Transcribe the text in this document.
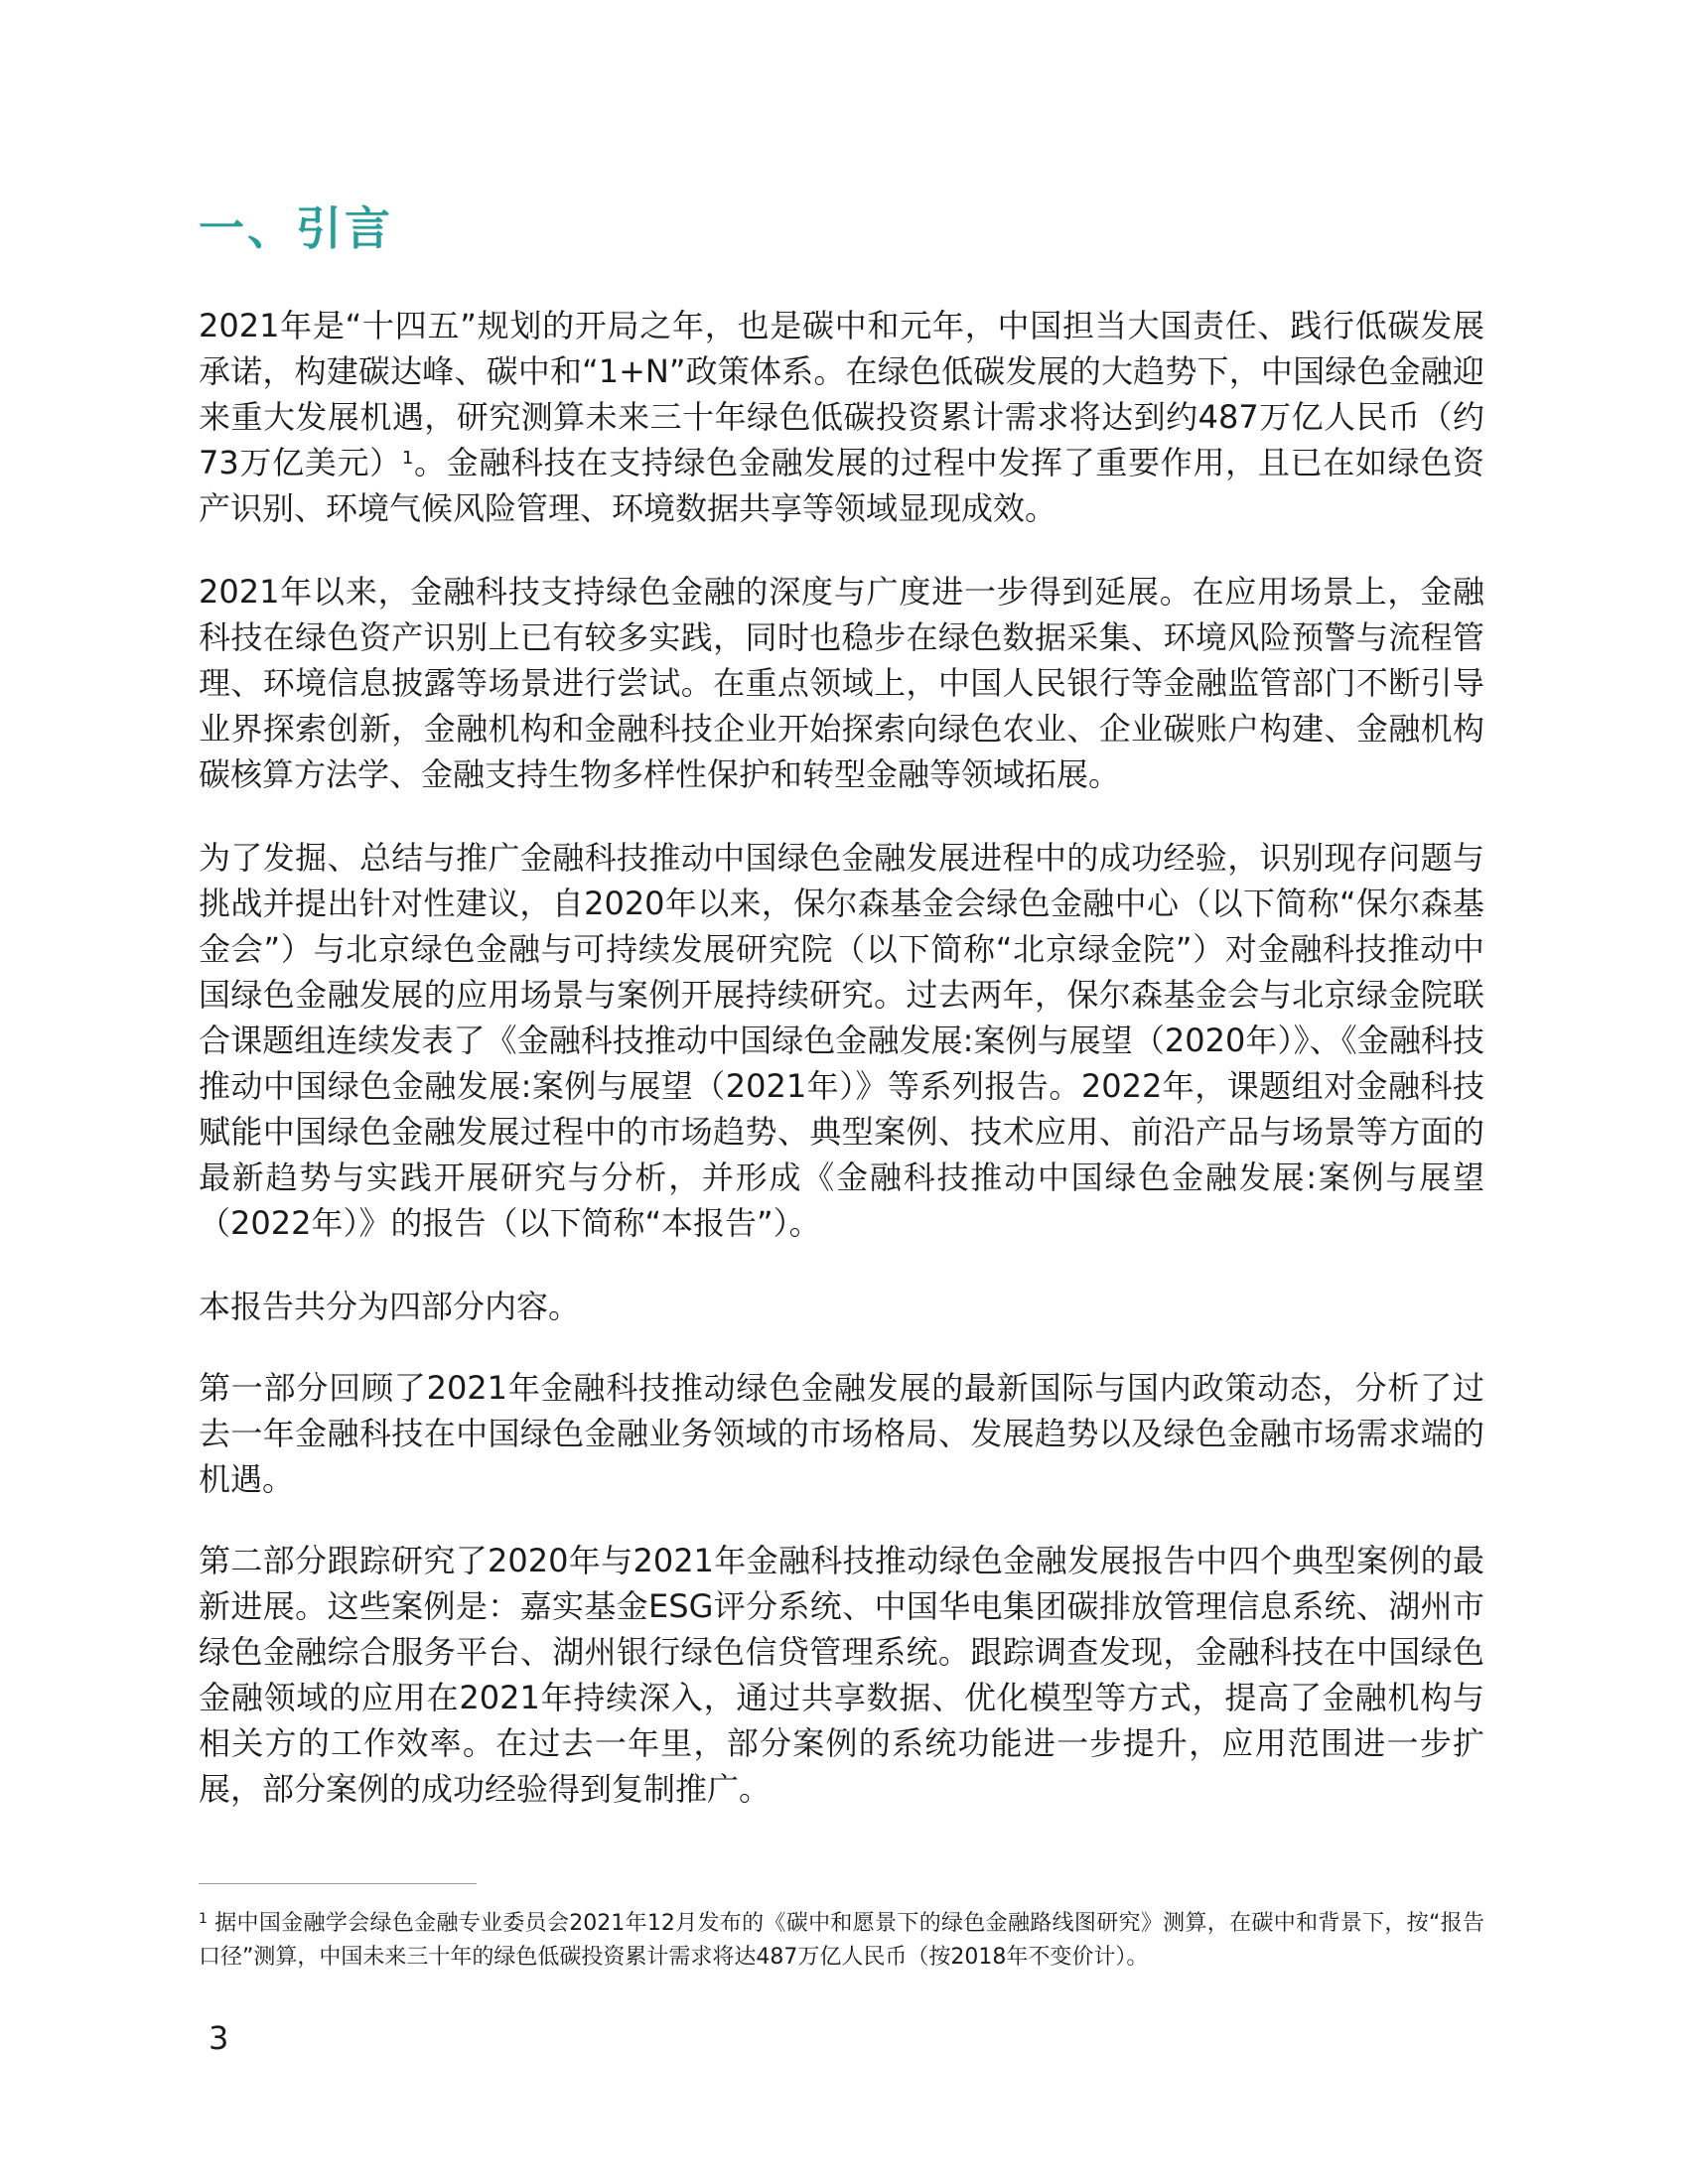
一、引言

2021年是“十四五”规划的开局之年，也是碳中和元年，中国担当大国责任、践行低碳发展承诺，构建碳达峰、碳中和“1+N”政策体系。在绿色低碳发展的大趋势下，中国绿色金融迎来重大发展机遇，研究测算未来三十年绿色低碳投资累计需求将达到约487万亿人民币（约73万亿美元）$^1$。金融科技在支持绿色金融发展的过程中发挥了重要作用，且已在如绿色资产识别、环境气候风险管理、环境数据共享等领域显现成效。

2021年以来，金融科技支持绿色金融的深度与广度进一步得到延展。在应用场景上，金融科技在绿色资产识别上已有较多实践，同时也稳步在绿色数据采集、环境风险预警与流程管理、环境信息披露等场景进行尝试。在重点领域上，中国人民银行等金融监管部门不断引导业界探索创新，金融机构和金融科技企业开始探索向绿色农业、企业碳账户构建、金融机构碳核算方法学、金融支持生物多样性保护和转型金融等领域拓展。

为了发掘、总结与推广金融科技推动中国绿色金融发展进程中的成功经验，识别现存问题与挑战并提出针对性建议，自2020年以来，保尔森基金会绿色金融中心（以下简称“保尔森基金会”）与北京绿色金融与可持续发展研究院（以下简称“北京绿金院”）对金融科技推动中国绿色金融发展的应用场景与案例开展持续研究。过去两年，保尔森基金会与北京绿金院联合课题组连续发表了《金融科技推动中国绿色金融发展:案例与展望（2020年）》、《金融科技推动中国绿色金融发展:案例与展望（2021年）》等系列报告。2022年，课题组对金融科技赋能中国绿色金融发展过程中的市场趋势、典型案例、技术应用、前沿产品与场景等方面的最新趋势与实践开展研究与分析，并形成《金融科技推动中国绿色金融发展:案例与展望（2022年）》的报告（以下简称“本报告”）。

本报告共分为四部分内容。

第一部分回顾了2021年金融科技推动绿色金融发展的最新国际与国内政策动态，分析了过去一年金融科技在中国绿色金融业务领域的市场格局、发展趋势以及绿色金融市场需求端的机遇。

第二部分跟踪研究了2020年与2021年金融科技推动绿色金融发展报告中四个典型案例的最新进展。这些案例是：嘉实基金ESG评分系统、中国华电集团碳排放管理信息系统、湖州市绿色金融综合服务平台、湖州银行绿色信贷管理系统。跟踪调查发现，金融科技在中国绿色金融领域的应用在2021年持续深入，通过共享数据、优化模型等方式，提高了金融机构与相关方的工作效率。在过去一年里，部分案例的系统功能进一步提升，应用范围进一步扩展，部分案例的成功经验得到复制推广。

$^1$ 据中国金融学会绿色金融专业委员会2021年12月发布的《碳中和愿景下的绿色金融路线图研究》测算，在碳中和背景下，按“报告口径”测算，中国未来三十年的绿色低碳投资累计需求将达487万亿人民币（按2018年不变价计）。

3
